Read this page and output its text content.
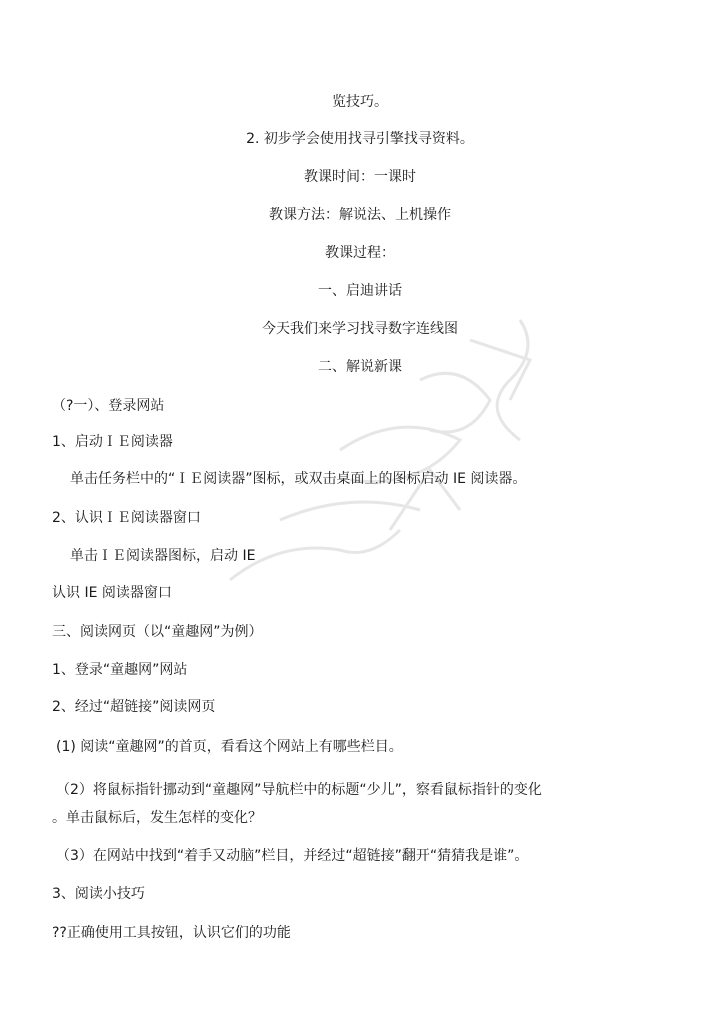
览技巧。
2. 初步学会使用找寻引擎找寻资料。
教课时间：一课时
教课方法：解说法、上机操作
教课过程：
一、启迪讲话
今天我们来学习找寻数字连线图
二、解说新课
（?一）、登录网站
1、启动ＩＥ阅读器
单击任务栏中的“ＩＥ阅读器”图标，或双击桌面上的图标启动 IE 阅读器。
2、认识ＩＥ阅读器窗口
单击ＩＥ阅读器图标，启动 IE
认识 IE 阅读器窗口
三、阅读网页（以“童趣网”为例）
1、登录“童趣网”网站
2、经过“超链接”阅读网页
(1) 阅读“童趣网”的首页，看看这个网站上有哪些栏目。
（2）将鼠标指针挪动到“童趣网”导航栏中的标题“少儿”，察看鼠标指针的变化
。单击鼠标后，发生怎样的变化？
（3）在网站中找到“着手又动脑”栏目，并经过“超链接”翻开“猜猜我是谁”。
3、阅读小技巧
??正确使用工具按钮，认识它们的功能
